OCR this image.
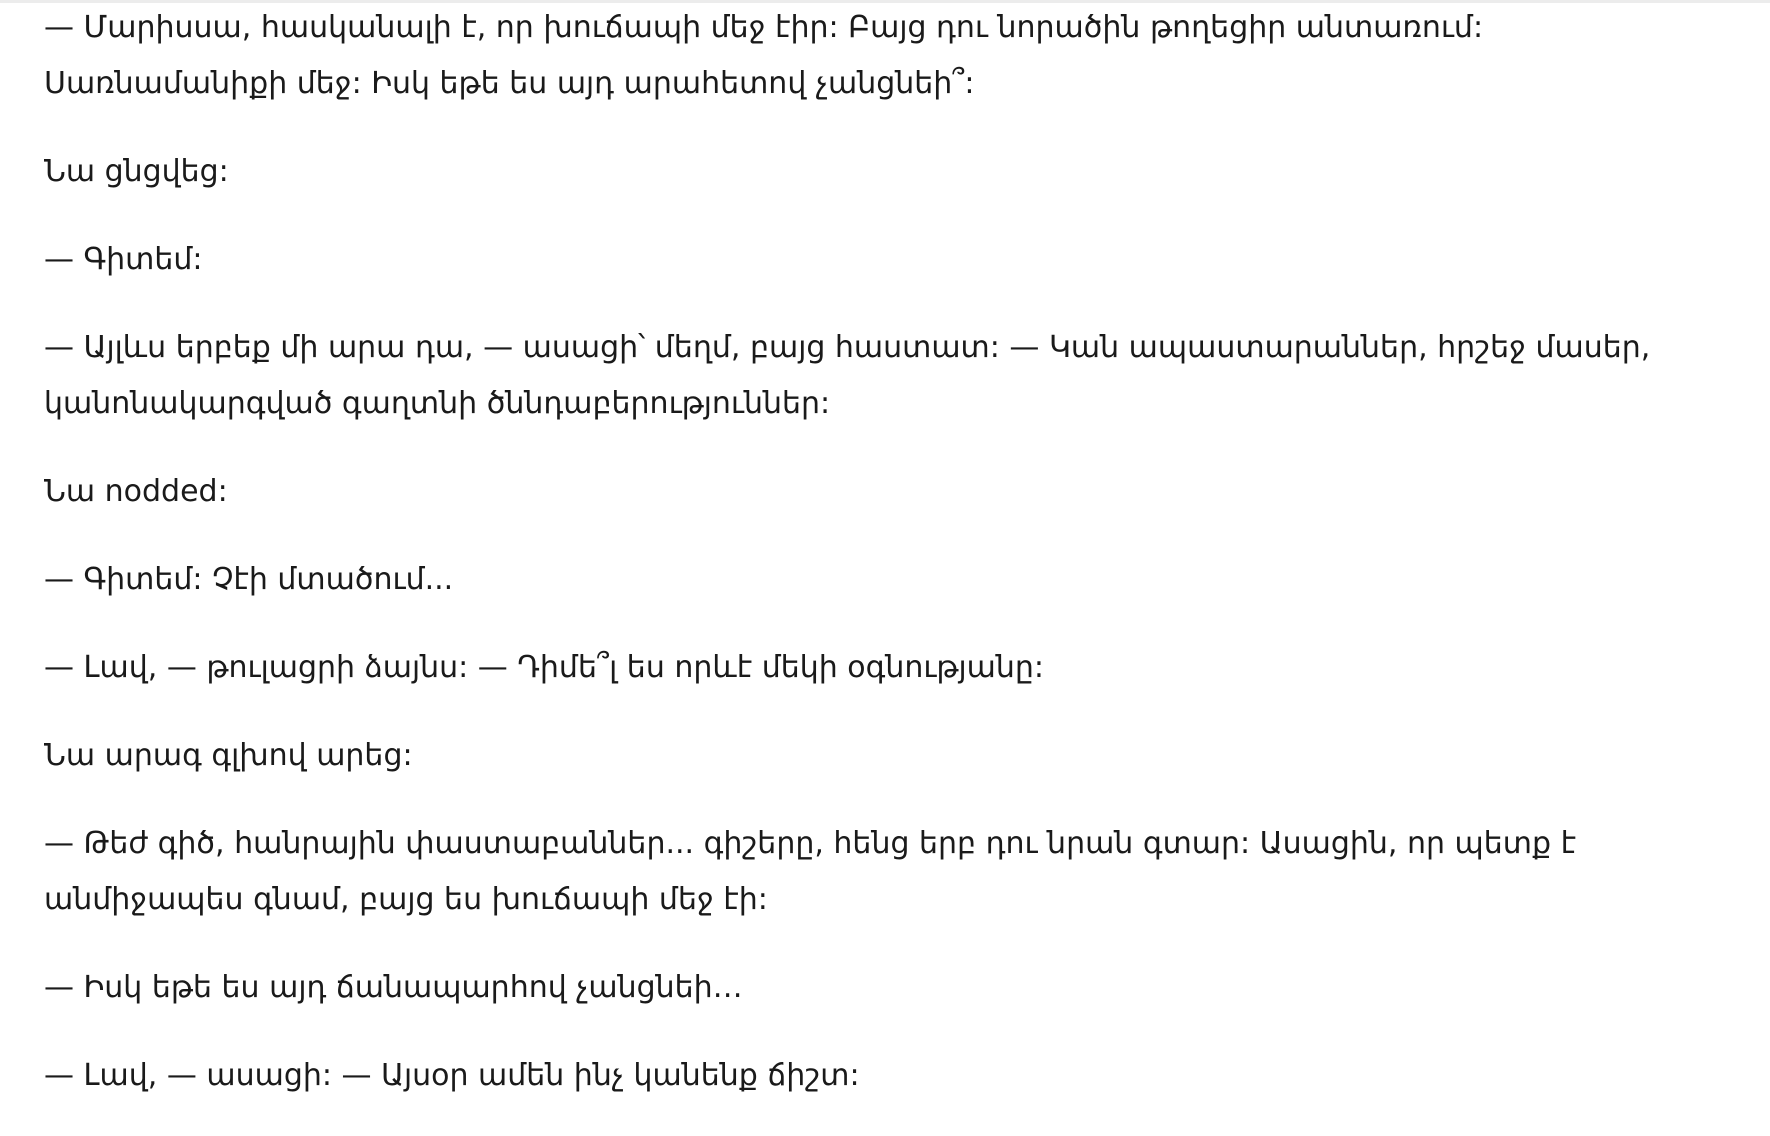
— Մարիսսա, հասկանալի է, որ խուճապի մեջ էիր: Բայց դու նորածին թողեցիր անտառում:
Սառնամանիքի մեջ: Իսկ եթե ես այդ արահետով չանցնեի՞:

Նա ցնցվեց:

— Գիտեմ:

— Այլևս երբեք մի արա դա, — ասացի՝ մեղմ, բայց հաստատ: — Կան ապաստարաններ, հրշեջ մասեր,
կանոնակարգված գաղտնի ծննդաբերություններ:

Նա nodded:

— Գիտեմ: Չէի մտածում...

— Լավ, — թուլացրի ձայնս: — Դիմե՞լ ես որևէ մեկի օգնությանը:

Նա արագ գլխով արեց:

— Թեժ գիծ, հանրային փաստաբաններ... գիշերը, հենց երբ դու նրան գտար: Ասացին, որ պետք է
անմիջապես գնամ, բայց ես խուճապի մեջ էի:

— Իսկ եթե ես այդ ճանապարհով չանցնեի…

— Լավ, — ասացի: — Այսօր ամեն ինչ կանենք ճիշտ:
